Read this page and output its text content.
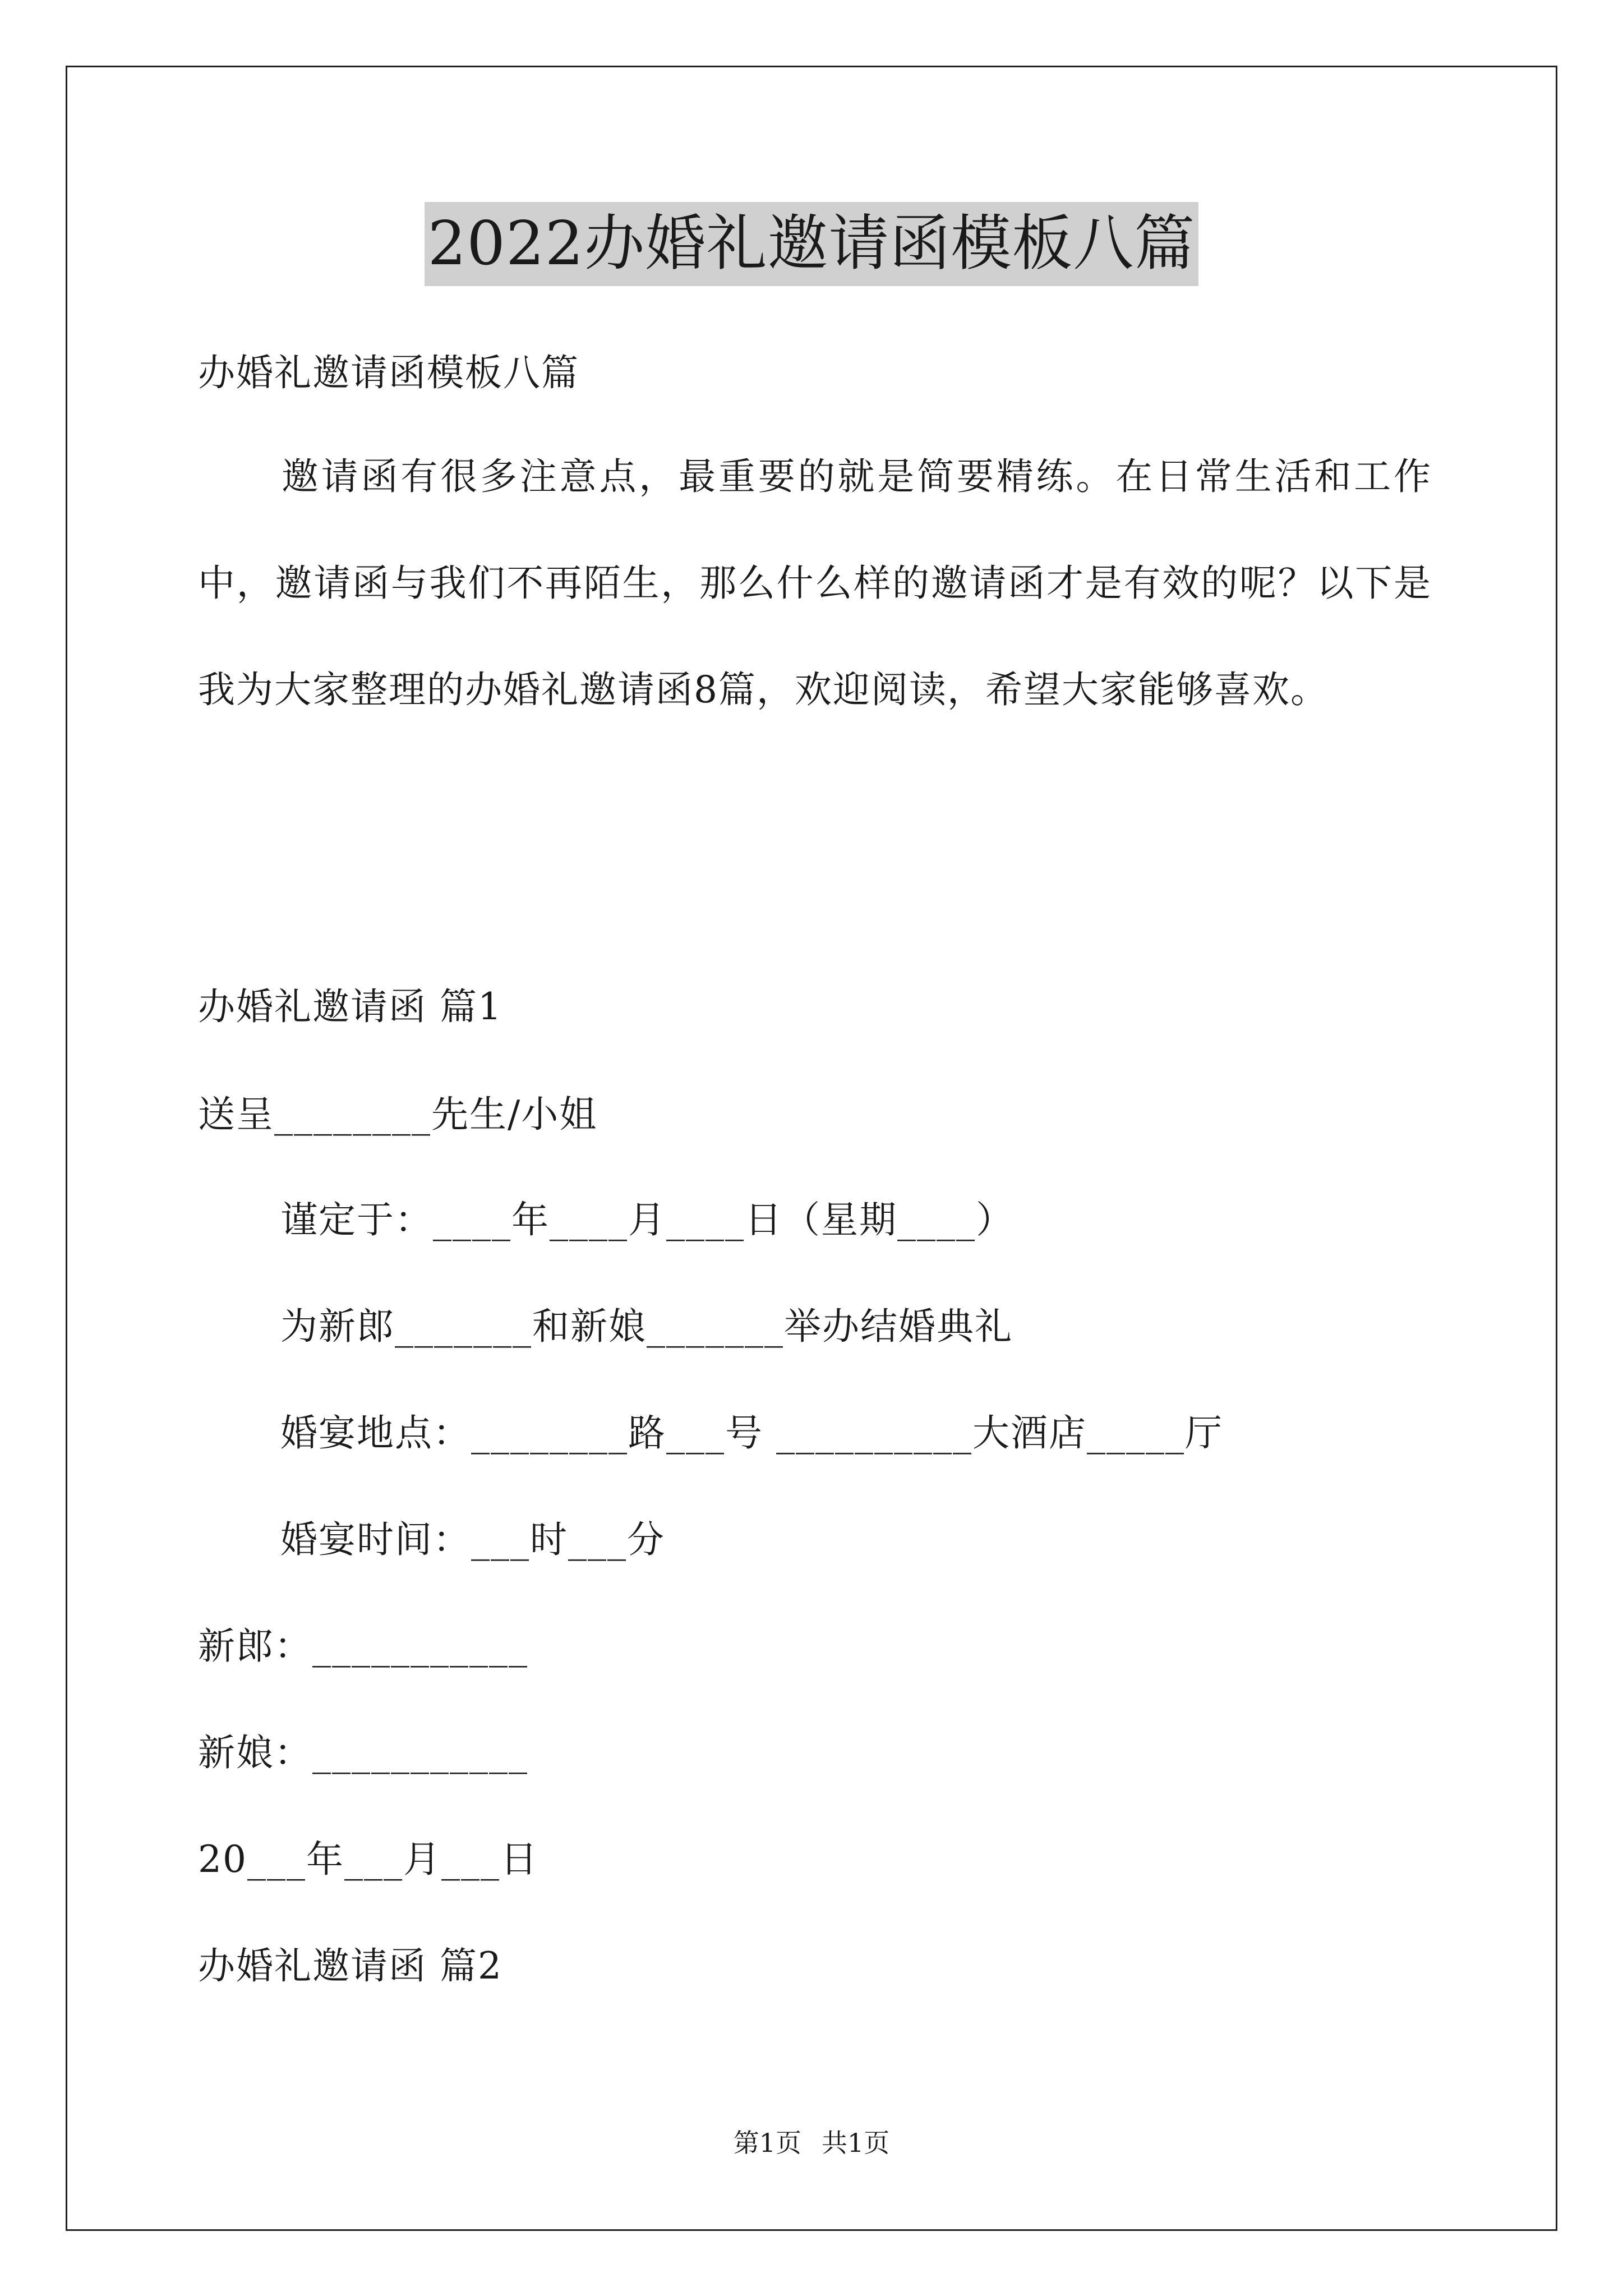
2022办婚礼邀请函模板八篇
办婚礼邀请函模板八篇
邀请函有很多注意点，最重要的就是简要精练。在日常生活和工作中，邀请函与我们不再陌生，那么什么样的邀请函才是有效的呢？以下是我为大家整理的办婚礼邀请函8篇，欢迎阅读，希望大家能够喜欢。
办婚礼邀请函 篇1
送呈________先生/小姐
谨定于：____年____月____日（星期____）
为新郎_______和新娘_______举办结婚典礼
婚宴地点：________路___号 __________大酒店_____厅
婚宴时间：___时___分
新郎：___________
新娘：___________
20___年___月___日
办婚礼邀请函 篇2
第1页 共1页
